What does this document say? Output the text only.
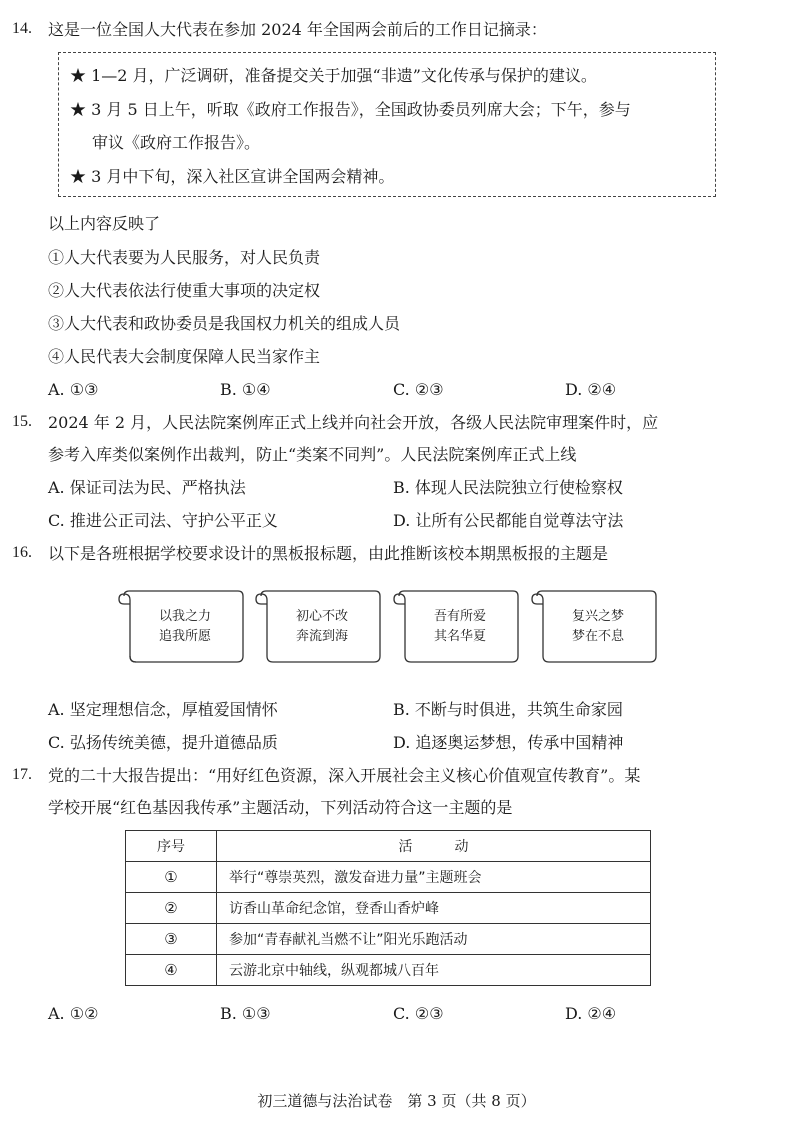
14. 这是一位全国人大代表在参加 2024 年全国两会前后的工作日记摘录：
★ 1—2 月，广泛调研，准备提交关于加强“非遗”文化传承与保护的建议。
★ 3 月 5 日上午，听取《政府工作报告》，全国政协委员列席大会；下午，参与
审议《政府工作报告》。
★ 3 月中下旬，深入社区宣讲全国两会精神。
以上内容反映了
①人大代表要为人民服务，对人民负责
②人大代表依法行使重大事项的决定权
③人大代表和政协委员是我国权力机关的组成人员
④人民代表大会制度保障人民当家作主
A. ①③	B. ①④	C. ②③	D. ②④
15. 2024 年 2 月，人民法院案例库正式上线并向社会开放，各级人民法院审理案件时，应
参考入库类似案例作出裁判，防止“类案不同判”。人民法院案例库正式上线
A. 保证司法为民、严格执法	B. 体现人民法院独立行使检察权
C. 推进公正司法、守护公平正义	D. 让所有公民都能自觉尊法守法
16. 以下是各班根据学校要求设计的黑板报标题，由此推断该校本期黑板报的主题是
以我之力
追我所愿
初心不改
奔流到海
吾有所爱
其名华夏
复兴之梦
梦在不息
A. 坚定理想信念，厚植爱国情怀	B. 不断与时俱进，共筑生命家园
C. 弘扬传统美德，提升道德品质	D. 追逐奥运梦想，传承中国精神
17. 党的二十大报告提出：“用好红色资源，深入开展社会主义核心价值观宣传教育”。某
学校开展“红色基因我传承”主题活动，下列活动符合这一主题的是
序号	活　　　动
①	举行“尊崇英烈，激发奋进力量”主题班会
②	访香山革命纪念馆，登香山香炉峰
③	参加“青春献礼当燃不让”阳光乐跑活动
④	云游北京中轴线，纵观都城八百年
A. ①②	B. ①③	C. ②③	D. ②④
初三道德与法治试卷　第 3 页（共 8 页）
